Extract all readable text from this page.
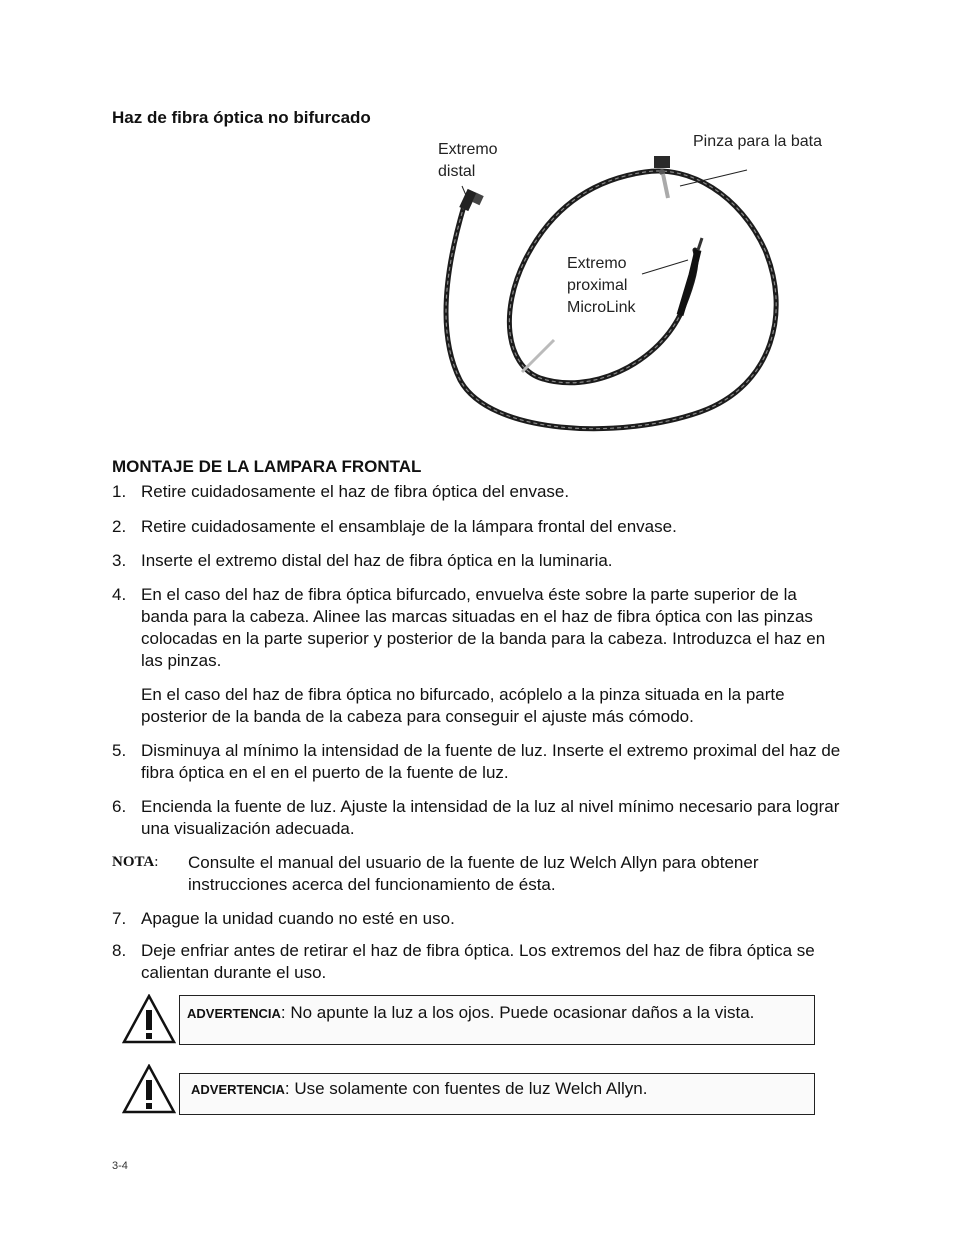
Haz de fibra óptica no bifurcado
Extremo
distal
Pinza para la bata
Extremo
proximal
MicroLink
MONTAJE DE LA LAMPARA FRONTAL
1. Retire cuidadosamente el haz de fibra óptica del envase.
2. Retire cuidadosamente el ensamblaje de la lámpara frontal del envase.
3. Inserte el extremo distal del haz de fibra óptica en la luminaria.
4. En el caso del haz de fibra óptica bifurcado, envuelva éste sobre la parte superior de la banda para la cabeza. Alinee las marcas situadas en el haz de fibra óptica con las pinzas colocadas en la parte superior y posterior de la banda para la cabeza. Introduzca el haz en las pinzas.
En el caso del haz de fibra óptica no bifurcado, acóplelo a la pinza situada en la parte posterior de la banda de la cabeza para conseguir el ajuste más cómodo.
5. Disminuya al mínimo la intensidad de la fuente de luz. Inserte el extremo proximal del haz de fibra óptica en el en el puerto de la fuente de luz.
6. Encienda la fuente de luz. Ajuste la intensidad de la luz al nivel mínimo necesario para lograr una visualización adecuada.
NOTA: Consulte el manual del usuario de la fuente de luz Welch Allyn para obtener instrucciones acerca del funcionamiento de ésta.
7. Apague la unidad cuando no esté en uso.
8. Deje enfriar antes de retirar el haz de fibra óptica. Los extremos del haz de fibra óptica se calientan durante el uso.
ADVERTENCIA: No apunte la luz a los ojos. Puede ocasionar daños a la vista.
ADVERTENCIA: Use solamente con fuentes de luz Welch Allyn.
3-4
